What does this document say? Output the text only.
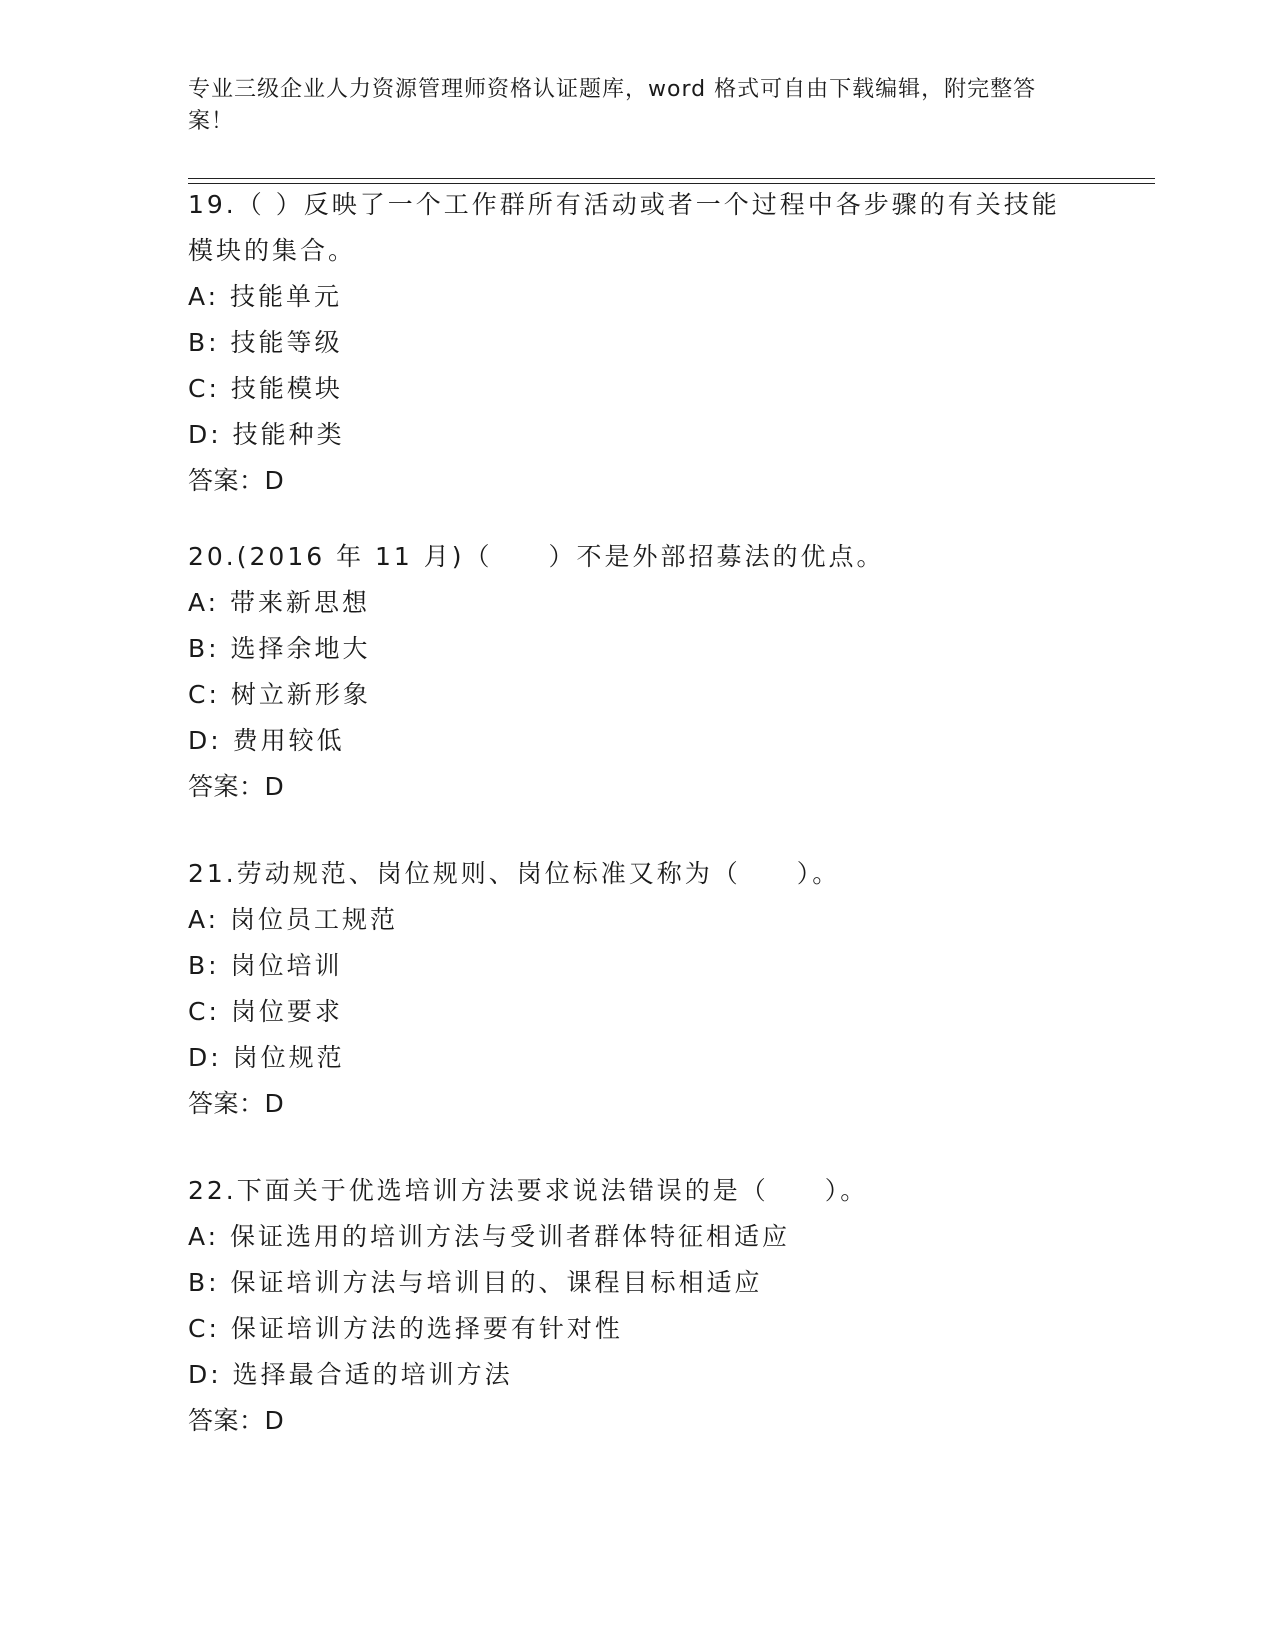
专业三级企业人力资源管理师资格认证题库，word 格式可自由下载编辑，附完整答案！
19.（ ）反映了一个工作群所有活动或者一个过程中各步骤的有关技能模块的集合。
A: 技能单元
B: 技能等级
C: 技能模块
D: 技能种类
答案：D
20.(2016 年 11 月)（　　）不是外部招募法的优点。
A: 带来新思想
B: 选择余地大
C: 树立新形象
D: 费用较低
答案：D
21.劳动规范、岗位规则、岗位标准又称为（　　）。
A: 岗位员工规范
B: 岗位培训
C: 岗位要求
D: 岗位规范
答案：D
22.下面关于优选培训方法要求说法错误的是（　　）。
A: 保证选用的培训方法与受训者群体特征相适应
B: 保证培训方法与培训目的、课程目标相适应
C: 保证培训方法的选择要有针对性
D: 选择最合适的培训方法
答案：D
